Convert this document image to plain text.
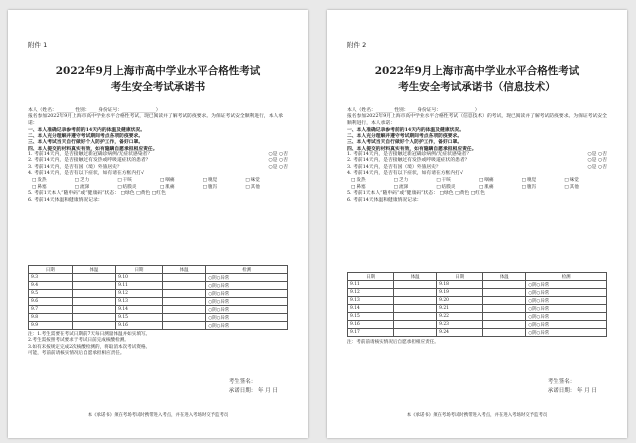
附件 1
2022年9月上海市高中学业水平合格性考试
考生安全考试承诺书

本人（姓名：_______ 性别：___ 身份证号：______________）

报名参加2022年9月上海市高中学业水平合格性考试，现已阅读并了解考试防疫要求。为保证考试安全顺利进行，本人承诺：

一、本人准确记录参考前的14天内的体温及健康状况。

二、本人充分理解并遵守考试期间考点各项防疫要求。

三、本人考试当天自行做好个人防护工作，备好口罩。

四、本人提交的材料真实有效，如有隐瞒自愿承担相应责任。

1. 考前14天内，是否接触过新冠确诊病例/无症状感染者？	○是 ○否

2. 考前14天内，是否接触过有发热或呼吸道症状的患者？	○是 ○否

3. 考前14天内，是否有国（境）外旅居史？	○是 ○否

4. 考前14天内，是否有以下症状，如有请在方框内打√

□ 发热	□ 乏力	□ 干咳	□ 咽痛	□ 嗅觉	□ 味觉
□ 鼻塞	□ 流涕	□ 结膜炎	□ 肌痛	□ 腹泻	□ 其他

5. 考前1天本人“随申码”或“健康码”状态： □绿色 □黄色 □红色

6. 考前14天体温和健康情况记录：

日期	体温	日期	体温	检测
9.3		9.10		○阴○异常
9.4		9.11		○阴○异常
9.5		9.12		○阴○异常
9.6		9.13		○阴○异常
9.7		9.14		○阴○异常
9.8		9.15		○阴○异常
9.9		9.16		○阴○异常
注：1.考生需要在考试日期前7天每日测量体温并如实填写。
2.考生需按照考试要求于考试日前完成核酸检测。
3.如有未按规定完成2次核酸检测的，将取消本次考试资格。
可能，考前前请核实情况后自愿承担相应责任。
考生签名：
承诺日期： 年 月 日
本《承诺书》须在考场考试时携带进入考点，并在进入考场时交予监考员
附件 2
2022年9月上海市高中学业水平合格性考试
考生安全考试承诺书（信息技术）

本人（姓名：_______ 性别：___ 身份证号：______________）

报名参加2022年9月上海市高中学业水平合格性考试（信息技术）的考试，现已阅读并了解考试防疫要求。为保证考试安全顺利进行，本人承诺：

一、本人准确记录参考前的14天内的体温及健康状况。

二、本人充分理解并遵守考试期间考点各项防疫要求。

三、本人考试当天自行做好个人防护工作，备好口罩。

四、本人提交的材料真实有效，如有隐瞒自愿承担相应责任。

1. 考前14天内，是否接触过新冠确诊病例/无症状感染者？	○是 ○否

2. 考前14天内，是否接触过有发热或呼吸道症状的患者？	○是 ○否

3. 考前14天内，是否有国（境）外旅居史？	○是 ○否

4. 考前14天内，是否有以下症状，如有请在方框内打√

□ 发热	□ 乏力	□ 干咳	□ 咽痛	□ 嗅觉	□ 味觉
□ 鼻塞	□ 流涕	□ 结膜炎	□ 肌痛	□ 腹泻	□ 其他

5. 考前1天本人“随申码”或“健康码”状态： □绿色 □黄色 □红色

6. 考前14天体温和健康情况记录：

日期	体温	日期	体温	检测
9.11		9.18		○阴○异常
9.12		9.19		○阴○异常
9.13		9.20		○阴○异常
9.14		9.21		○阴○异常
9.15		9.22		○阴○异常
9.16		9.23		○阴○异常
9.17		9.24		○阴○异常
注：考前前请核实情况后自愿承担相应责任。
考生签名：
承诺日期： 年 月 日
本《承诺书》须在考场考试时携带进入考点，并在进入考场时交予监考员
